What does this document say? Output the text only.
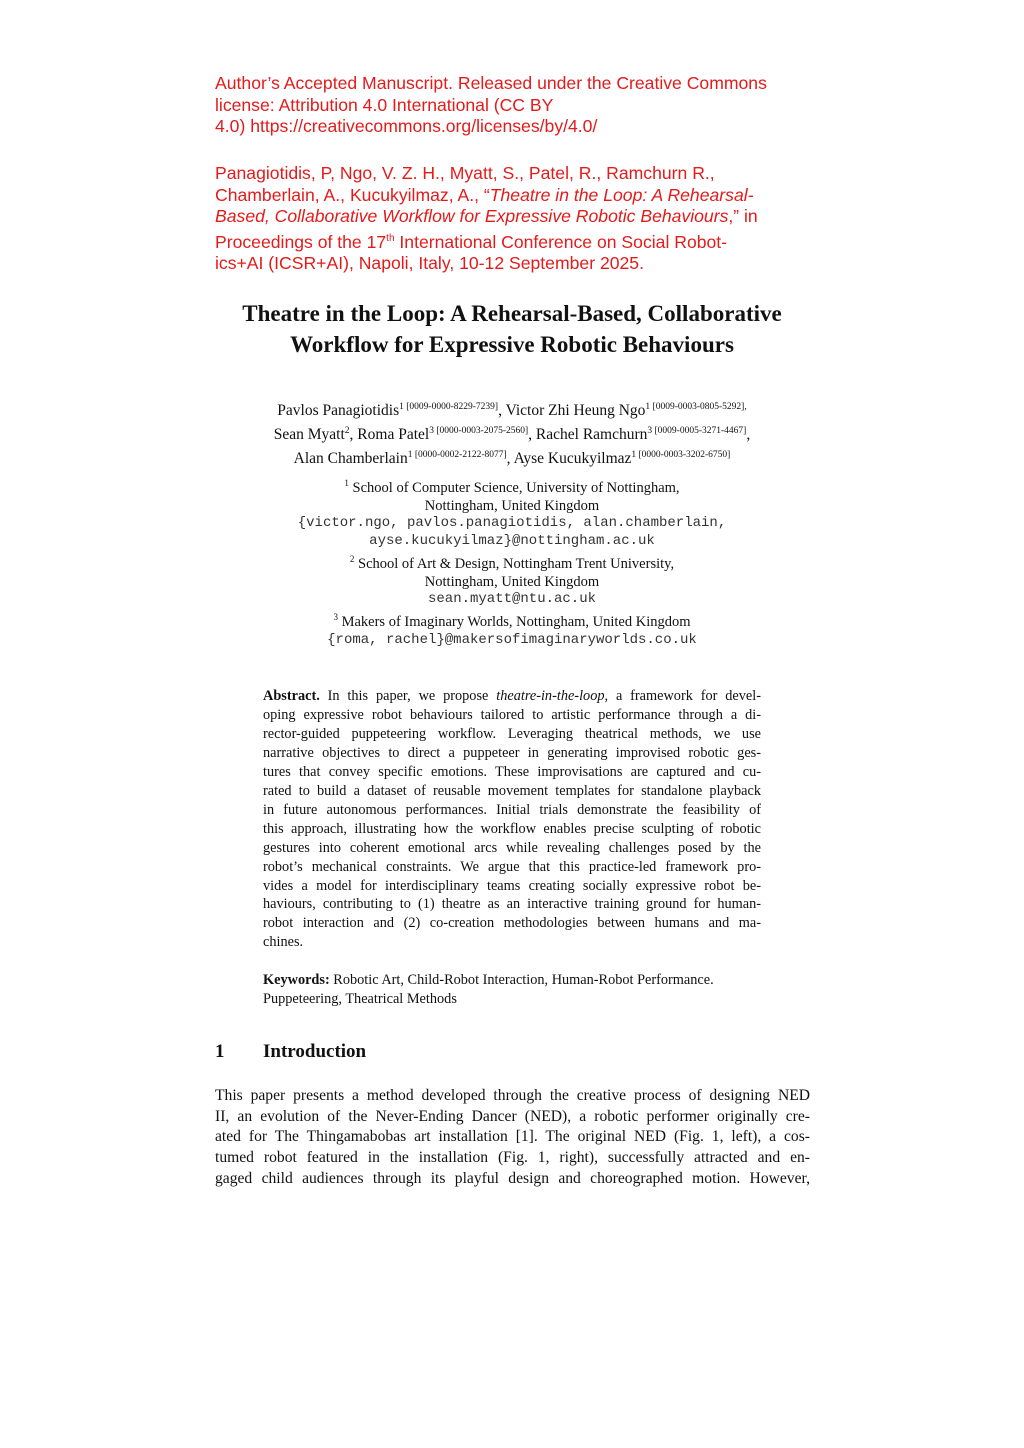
Author’s Accepted Manuscript. Released under the Creative Commons
license: Attribution 4.0 International (CC BY
4.0) https://creativecommons.org/licenses/by/4.0/
Panagiotidis, P, Ngo, V. Z. H., Myatt, S., Patel, R., Ramchurn R.,
Chamberlain, A., Kucukyilmaz, A., “Theatre in the Loop: A Rehearsal-
Based, Collaborative Workflow for Expressive Robotic Behaviours,” in
Proceedings of the 17th International Conference on Social Robot-
ics+AI (ICSR+AI), Napoli, Italy, 10-12 September 2025.
Theatre in the Loop: A Rehearsal-Based, Collaborative
Workflow for Expressive Robotic Behaviours
Pavlos Panagiotidis$^1$ [0009-0000-8229-7239], Victor Zhi Heung Ngo$^1$ $^{[0009-0003-0805-5292],}$
Sean Myatt$^2$, Roma Patel$^3$ [0000-0003-2075-2560], Rachel Ramchurn$^3$ [0009-0005-3271-4467],
Alan Chamberlain$^1$ [0000-0002-2122-8077], Ayse Kucukyilmaz$^1$ [0000-0003-3202-6750]
$^1$ School of Computer Science, University of Nottingham,
Nottingham, United Kingdom
{victor.ngo, pavlos.panagiotidis, alan.chamberlain,
ayse.kucukyilmaz}@nottingham.ac.uk
$^2$ School of Art & Design, Nottingham Trent University,
Nottingham, United Kingdom
sean.myatt@ntu.ac.uk
$^3$ Makers of Imaginary Worlds, Nottingham, United Kingdom
{roma, rachel}@makersofimaginaryworlds.co.uk
Abstract. In this paper, we propose theatre-in-the-loop, a framework for devel-
oping expressive robot behaviours tailored to artistic performance through a di-
rector-guided puppeteering workflow. Leveraging theatrical methods, we use
narrative objectives to direct a puppeteer in generating improvised robotic ges-
tures that convey specific emotions. These improvisations are captured and cu-
rated to build a dataset of reusable movement templates for standalone playback
in future autonomous performances. Initial trials demonstrate the feasibility of
this approach, illustrating how the workflow enables precise sculpting of robotic
gestures into coherent emotional arcs while revealing challenges posed by the
robot’s mechanical constraints. We argue that this practice-led framework pro-
vides a model for interdisciplinary teams creating socially expressive robot be-
haviours, contributing to (1) theatre as an interactive training ground for human-
robot interaction and (2) co-creation methodologies between humans and ma-
chines.
Keywords: Robotic Art, Child-Robot Interaction, Human-Robot Performance.
Puppeteering, Theatrical Methods
1 Introduction
This paper presents a method developed through the creative process of designing NED
II, an evolution of the Never-Ending Dancer (NED), a robotic performer originally cre-
ated for The Thingamabobas art installation [1]. The original NED (Fig. 1, left), a cos-
tumed robot featured in the installation (Fig. 1, right), successfully attracted and en-
gaged child audiences through its playful design and choreographed motion. However,
